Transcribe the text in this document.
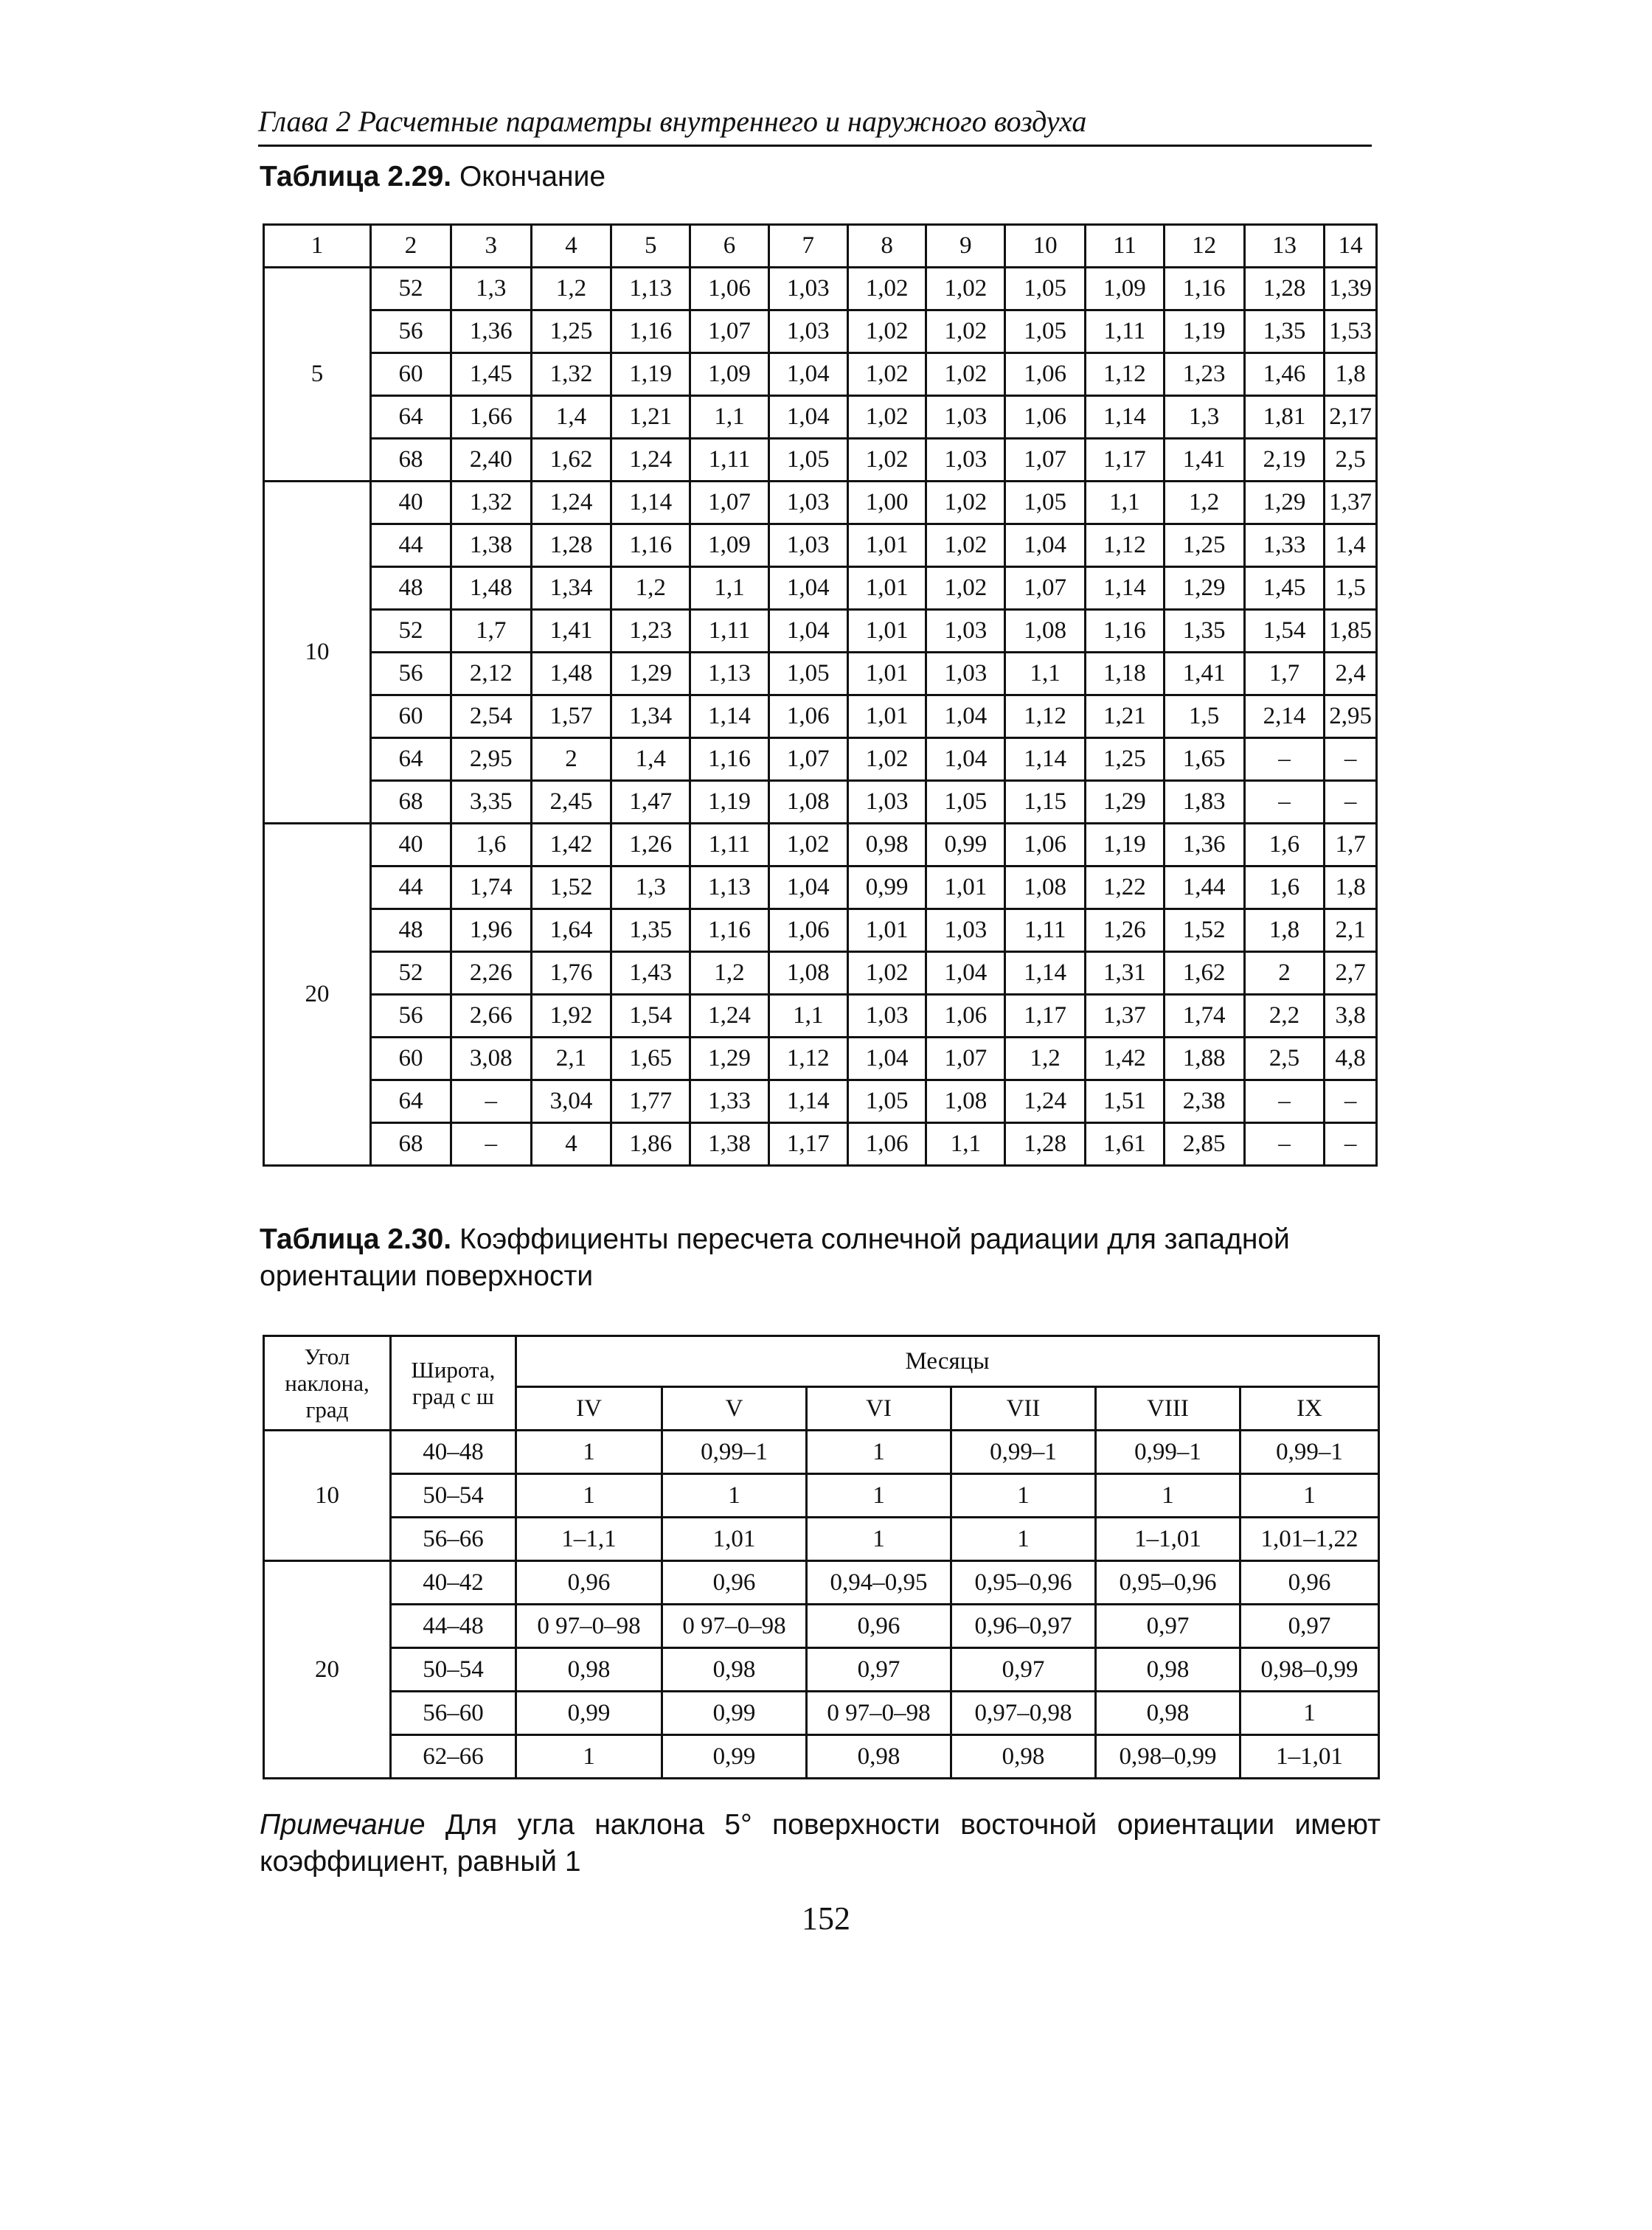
Глава 2 Расчетные параметры внутреннего и наружного воздуха
Таблица 2.29. Окончание
1	2	3	4	5	6	7	8	9	10	11	12	13	14
5	52	1,3	1,2	1,13	1,06	1,03	1,02	1,02	1,05	1,09	1,16	1,28	1,39
	56	1,36	1,25	1,16	1,07	1,03	1,02	1,02	1,05	1,11	1,19	1,35	1,53
	60	1,45	1,32	1,19	1,09	1,04	1,02	1,02	1,06	1,12	1,23	1,46	1,8
	64	1,66	1,4	1,21	1,1	1,04	1,02	1,03	1,06	1,14	1,3	1,81	2,17
	68	2,40	1,62	1,24	1,11	1,05	1,02	1,03	1,07	1,17	1,41	2,19	2,5
10	40	1,32	1,24	1,14	1,07	1,03	1,00	1,02	1,05	1,1	1,2	1,29	1,37
	44	1,38	1,28	1,16	1,09	1,03	1,01	1,02	1,04	1,12	1,25	1,33	1,4
	48	1,48	1,34	1,2	1,1	1,04	1,01	1,02	1,07	1,14	1,29	1,45	1,5
	52	1,7	1,41	1,23	1,11	1,04	1,01	1,03	1,08	1,16	1,35	1,54	1,85
	56	2,12	1,48	1,29	1,13	1,05	1,01	1,03	1,1	1,18	1,41	1,7	2,4
	60	2,54	1,57	1,34	1,14	1,06	1,01	1,04	1,12	1,21	1,5	2,14	2,95
	64	2,95	2	1,4	1,16	1,07	1,02	1,04	1,14	1,25	1,65	–	–
	68	3,35	2,45	1,47	1,19	1,08	1,03	1,05	1,15	1,29	1,83	–	–
20	40	1,6	1,42	1,26	1,11	1,02	0,98	0,99	1,06	1,19	1,36	1,6	1,7
	44	1,74	1,52	1,3	1,13	1,04	0,99	1,01	1,08	1,22	1,44	1,6	1,8
	48	1,96	1,64	1,35	1,16	1,06	1,01	1,03	1,11	1,26	1,52	1,8	2,1
	52	2,26	1,76	1,43	1,2	1,08	1,02	1,04	1,14	1,31	1,62	2	2,7
	56	2,66	1,92	1,54	1,24	1,1	1,03	1,06	1,17	1,37	1,74	2,2	3,8
	60	3,08	2,1	1,65	1,29	1,12	1,04	1,07	1,2	1,42	1,88	2,5	4,8
	64	–	3,04	1,77	1,33	1,14	1,05	1,08	1,24	1,51	2,38	–	–
	68	–	4	1,86	1,38	1,17	1,06	1,1	1,28	1,61	2,85	–	–
Таблица 2.30. Коэффициенты пересчета солнечной радиации для западной ориентации поверхности
Угол наклона, град	Широта, град с ш	Месяцы					
		IV	V	VI	VII	VIII	IX
10	40–48	1	0,99–1	1	0,99–1	0,99–1	0,99–1
	50–54	1	1	1	1	1	1
	56–66	1–1,1	1,01	1	1	1–1,01	1,01–1,22
20	40–42	0,96	0,96	0,94–0,95	0,95–0,96	0,95–0,96	0,96
	44–48	0 97–0–98	0 97–0–98	0,96	0,96–0,97	0,97	0,97
	50–54	0,98	0,98	0,97	0,97	0,98	0,98–0,99
	56–60	0,99	0,99	0 97–0–98	0,97–0,98	0,98	1
	62–66	1	0,99	0,98	0,98	0,98–0,99	1–1,01
Примечание Для угла наклона 5° поверхности восточной ориентации имеют коэффициент, равный 1
152
